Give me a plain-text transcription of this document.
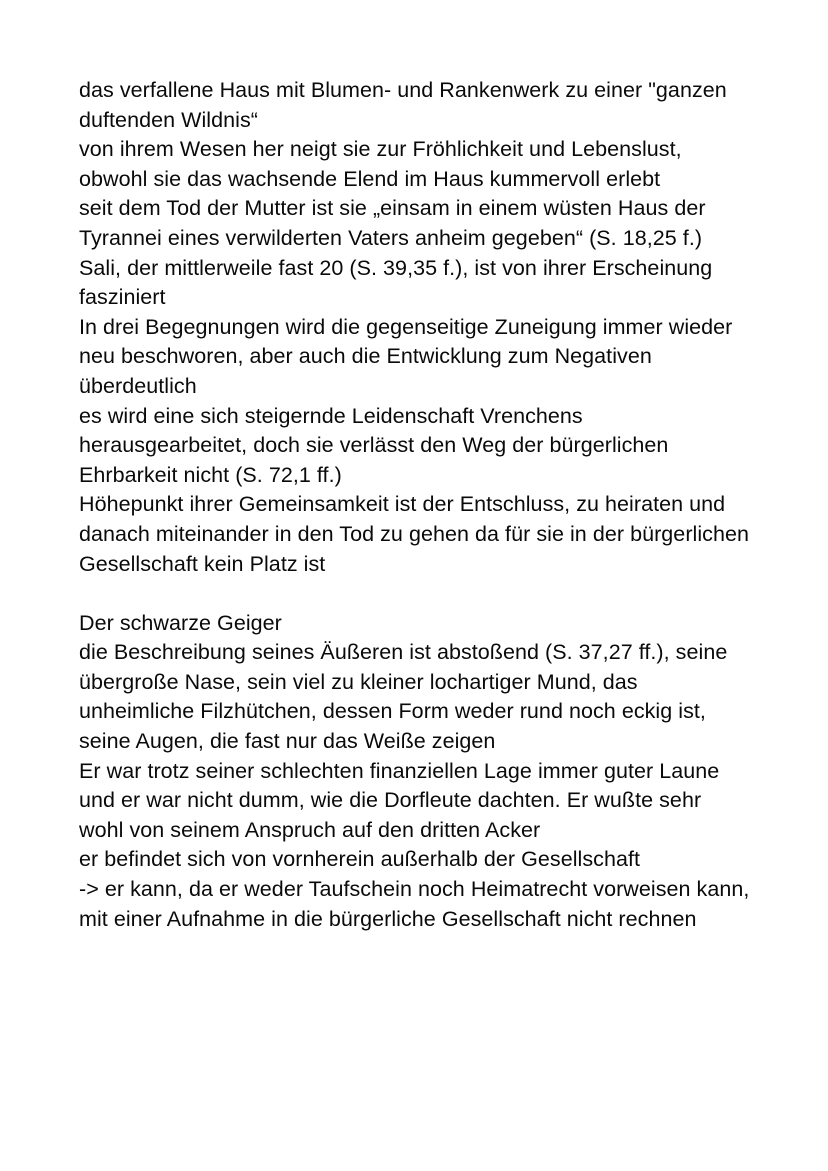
das verfallene Haus mit Blumen- und Rankenwerk zu einer "ganzen duftenden Wildnis“

von ihrem Wesen her neigt sie zur Fröhlichkeit und Lebenslust, obwohl sie das wachsende Elend im Haus kummervoll erlebt

seit dem Tod der Mutter ist sie „einsam in einem wüsten Haus der Tyrannei eines verwilderten Vaters anheim gegeben“ (S. 18,25 f.)

Sali, der mittlerweile fast 20 (S. 39,35 f.), ist von ihrer Erscheinung fasziniert

In drei Begegnungen wird die gegenseitige Zuneigung immer wieder neu beschworen, aber auch die Entwicklung zum Negativen überdeutlich

es wird eine sich steigernde Leidenschaft Vrenchens herausgearbeitet, doch sie verlässt den Weg der bürgerlichen Ehrbarkeit nicht (S. 72,1 ff.)

Höhepunkt ihrer Gemeinsamkeit ist der Entschluss, zu heiraten und danach miteinander in den Tod zu gehen da für sie in der bürgerlichen Gesellschaft kein Platz ist

Der schwarze Geiger

die Beschreibung seines Äußeren ist abstoßend (S. 37,27 ff.), seine übergroße Nase, sein viel zu kleiner lochartiger Mund, das unheimliche Filzhütchen, dessen Form weder rund noch eckig ist, seine Augen, die fast nur das Weiße zeigen

Er war trotz seiner schlechten finanziellen Lage immer guter Laune und er war nicht dumm, wie die Dorfleute dachten. Er wußte sehr wohl von seinem Anspruch auf den dritten Acker

er befindet sich von vornherein außerhalb der Gesellschaft

-> er kann, da er weder Taufschein noch Heimatrecht vorweisen kann, mit einer Aufnahme in die bürgerliche Gesellschaft nicht rechnen
